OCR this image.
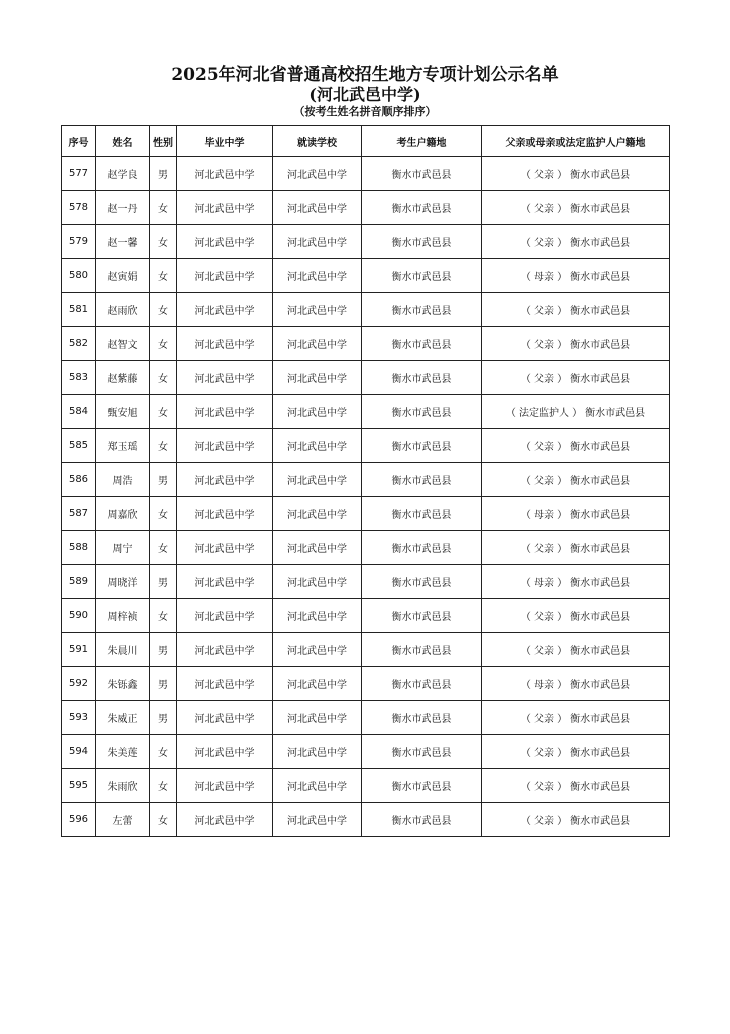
2025年河北省普通高校招生地方专项计划公示名单
(河北武邑中学)
（按考生姓名拼音顺序排序）
序号	姓名	性别	毕业中学	就读学校	考生户籍地	父亲或母亲或法定监护人户籍地
577	赵学良	男	河北武邑中学	河北武邑中学	衡水市武邑县	（ 父亲 ） 衡水市武邑县
578	赵一丹	女	河北武邑中学	河北武邑中学	衡水市武邑县	（ 父亲 ） 衡水市武邑县
579	赵一馨	女	河北武邑中学	河北武邑中学	衡水市武邑县	（ 父亲 ） 衡水市武邑县
580	赵寅娟	女	河北武邑中学	河北武邑中学	衡水市武邑县	（ 母亲 ） 衡水市武邑县
581	赵雨欣	女	河北武邑中学	河北武邑中学	衡水市武邑县	（ 父亲 ） 衡水市武邑县
582	赵智文	女	河北武邑中学	河北武邑中学	衡水市武邑县	（ 父亲 ） 衡水市武邑县
583	赵紫藤	女	河北武邑中学	河北武邑中学	衡水市武邑县	（ 父亲 ） 衡水市武邑县
584	甄安旭	女	河北武邑中学	河北武邑中学	衡水市武邑县	（ 法定监护人 ） 衡水市武邑县
585	郑玉瑶	女	河北武邑中学	河北武邑中学	衡水市武邑县	（ 父亲 ） 衡水市武邑县
586	周浩	男	河北武邑中学	河北武邑中学	衡水市武邑县	（ 父亲 ） 衡水市武邑县
587	周嘉欣	女	河北武邑中学	河北武邑中学	衡水市武邑县	（ 母亲 ） 衡水市武邑县
588	周宁	女	河北武邑中学	河北武邑中学	衡水市武邑县	（ 父亲 ） 衡水市武邑县
589	周晓洋	男	河北武邑中学	河北武邑中学	衡水市武邑县	（ 母亲 ） 衡水市武邑县
590	周梓祯	女	河北武邑中学	河北武邑中学	衡水市武邑县	（ 父亲 ） 衡水市武邑县
591	朱晨川	男	河北武邑中学	河北武邑中学	衡水市武邑县	（ 父亲 ） 衡水市武邑县
592	朱铄鑫	男	河北武邑中学	河北武邑中学	衡水市武邑县	（ 母亲 ） 衡水市武邑县
593	朱威正	男	河北武邑中学	河北武邑中学	衡水市武邑县	（ 父亲 ） 衡水市武邑县
594	朱美莲	女	河北武邑中学	河北武邑中学	衡水市武邑县	（ 父亲 ） 衡水市武邑县
595	朱雨欣	女	河北武邑中学	河北武邑中学	衡水市武邑县	（ 父亲 ） 衡水市武邑县
596	左蕾	女	河北武邑中学	河北武邑中学	衡水市武邑县	（ 父亲 ） 衡水市武邑县
